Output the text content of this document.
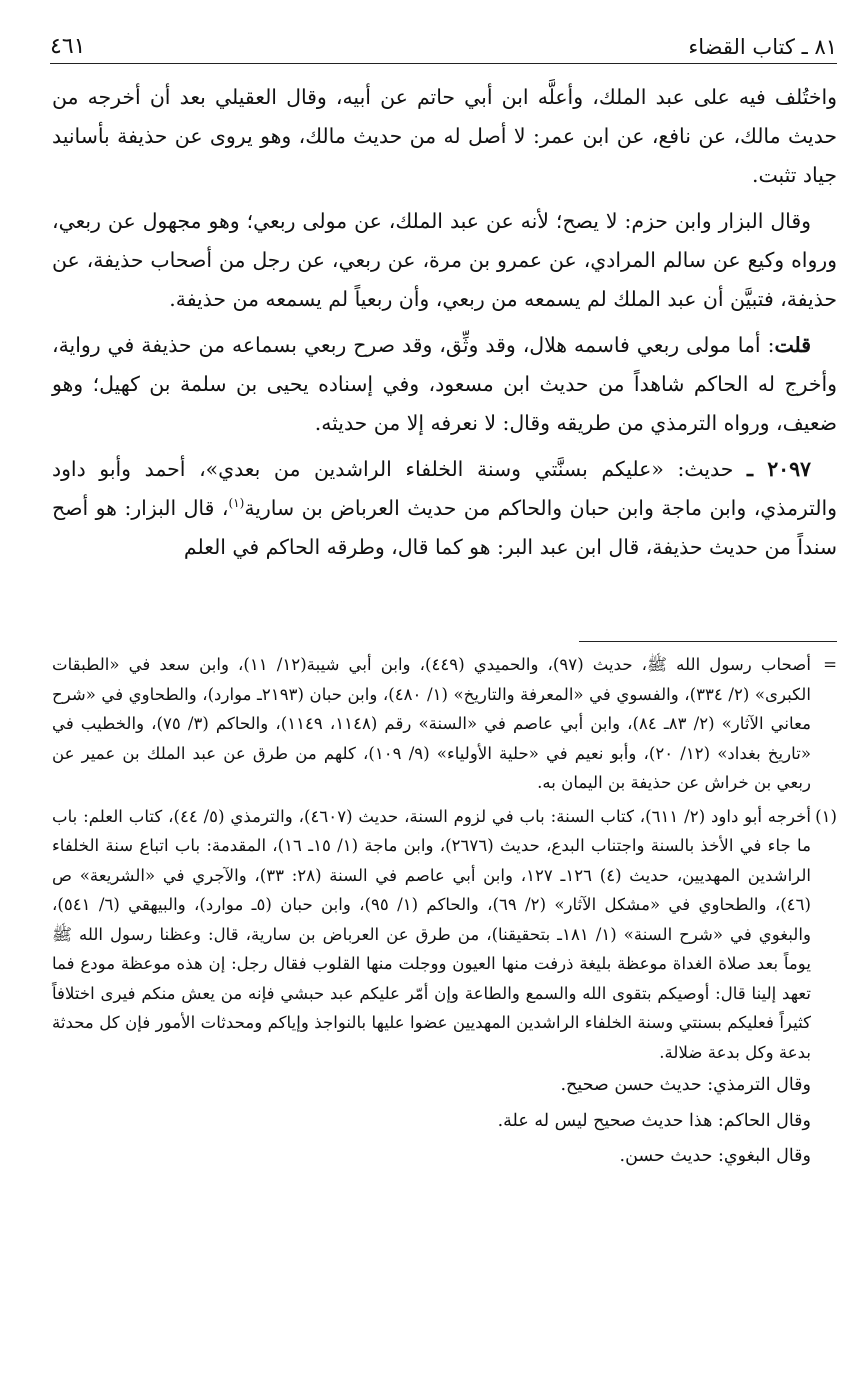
٨١ ـ كتاب القضاء
٤٦١

واختُلف فيه على عبد الملك، وأعلَّه ابن أبي حاتم عن أبيه، وقال العقيلي بعد أن أخرجه من حديث مالك، عن نافع، عن ابن عمر: لا أصل له من حديث مالك، وهو يروى عن حذيفة بأسانيد جياد تثبت.

وقال البزار وابن حزم: لا يصح؛ لأنه عن عبد الملك، عن مولى ربعي؛ وهو مجهول عن ربعي، ورواه وكيع عن سالم المرادي، عن عمرو بن مرة، عن ربعي، عن رجل من أصحاب حذيفة، عن حذيفة، فتبيَّن أن عبد الملك لم يسمعه من ربعي، وأن ربعياً لم يسمعه من حذيفة.

قلت: أما مولى ربعي فاسمه هلال، وقد وثِّق، وقد صرح ربعي بسماعه من حذيفة في رواية، وأخرج له الحاكم شاهداً من حديث ابن مسعود، وفي إسناده يحيى بن سلمة بن كهيل؛ وهو ضعيف، ورواه الترمذي من طريقه وقال: لا نعرفه إلا من حديثه.

٢٠٩٧ ـ حديث: «عليكم بسنَّتي وسنة الخلفاء الراشدين من بعدي»، أحمد وأبو داود والترمذي، وابن ماجة وابن حبان والحاكم من حديث العرباض بن سارية$^{(١)}$، قال البزار: هو أصح سنداً من حديث حذيفة، قال ابن عبد البر: هو كما قال، وطرقه الحاكم في العلم

=
أصحاب رسول الله ﷺ، حديث (٩٧)، والحميدي (٤٤٩)، وابن أبي شيبة(١٢/ ١١)، وابن سعد في «الطبقات الكبرى» (٢/ ٣٣٤)، والفسوي في «المعرفة والتاريخ» (١/ ٤٨٠)، وابن حبان (٢١٩٣ـ موارد)، والطحاوي في «شرح معاني الآثار» (٢/ ٨٣ـ ٨٤)، وابن أبي عاصم في «السنة» رقم (١١٤٨، ١١٤٩)، والحاكم (٣/ ٧٥)، والخطيب في «تاريخ بغداد» (١٢/ ٢٠)، وأبو نعيم في «حلية الأولياء» (٩/ ١٠٩)، كلهم من طرق عن عبد الملك بن عمير عن ربعي بن خراش عن حذيفة بن اليمان به.
(١)
أخرجه أبو داود (٢/ ٦١١)، كتاب السنة: باب في لزوم السنة، حديث (٤٦٠٧)، والترمذي (٥/ ٤٤)، كتاب العلم: باب ما جاء في الأخذ بالسنة واجتناب البدع، حديث (٢٦٧٦)، وابن ماجة (١/ ١٥ـ ١٦)، المقدمة: باب اتباع سنة الخلفاء الراشدين المهديين، حديث (٤) ١٢٦ـ ١٢٧، وابن أبي عاصم في السنة (٢٨: ٣٣)، والآجري في «الشريعة» ص (٤٦)، والطحاوي في «مشكل الآثار» (٢/ ٦٩)، والحاكم (١/ ٩٥)، وابن حبان (٥ـ موارد)، والبيهقي (٦/ ٥٤١)، والبغوي في «شرح السنة» (١/ ١٨١ـ بتحقيقنا)، من طرق عن العرباض بن سارية، قال: وعظنا رسول الله ﷺ يوماً بعد صلاة الغداة موعظة بليغة ذرفت منها العيون ووجلت منها القلوب فقال رجل: إن هذه موعظة مودع فما تعهد إلينا قال: أوصيكم بتقوى الله والسمع والطاعة وإن أمّر عليكم عبد حبشي فإنه من يعش منكم فيرى اختلافاً كثيراً فعليكم بسنتي وسنة الخلفاء الراشدين المهديين عضوا عليها بالنواجذ وإياكم ومحدثات الأمور فإن كل محدثة بدعة وكل بدعة ضلالة.
وقال الترمذي: حديث حسن صحيح.
وقال الحاكم: هذا حديث صحيح ليس له علة.
وقال البغوي: حديث حسن.
